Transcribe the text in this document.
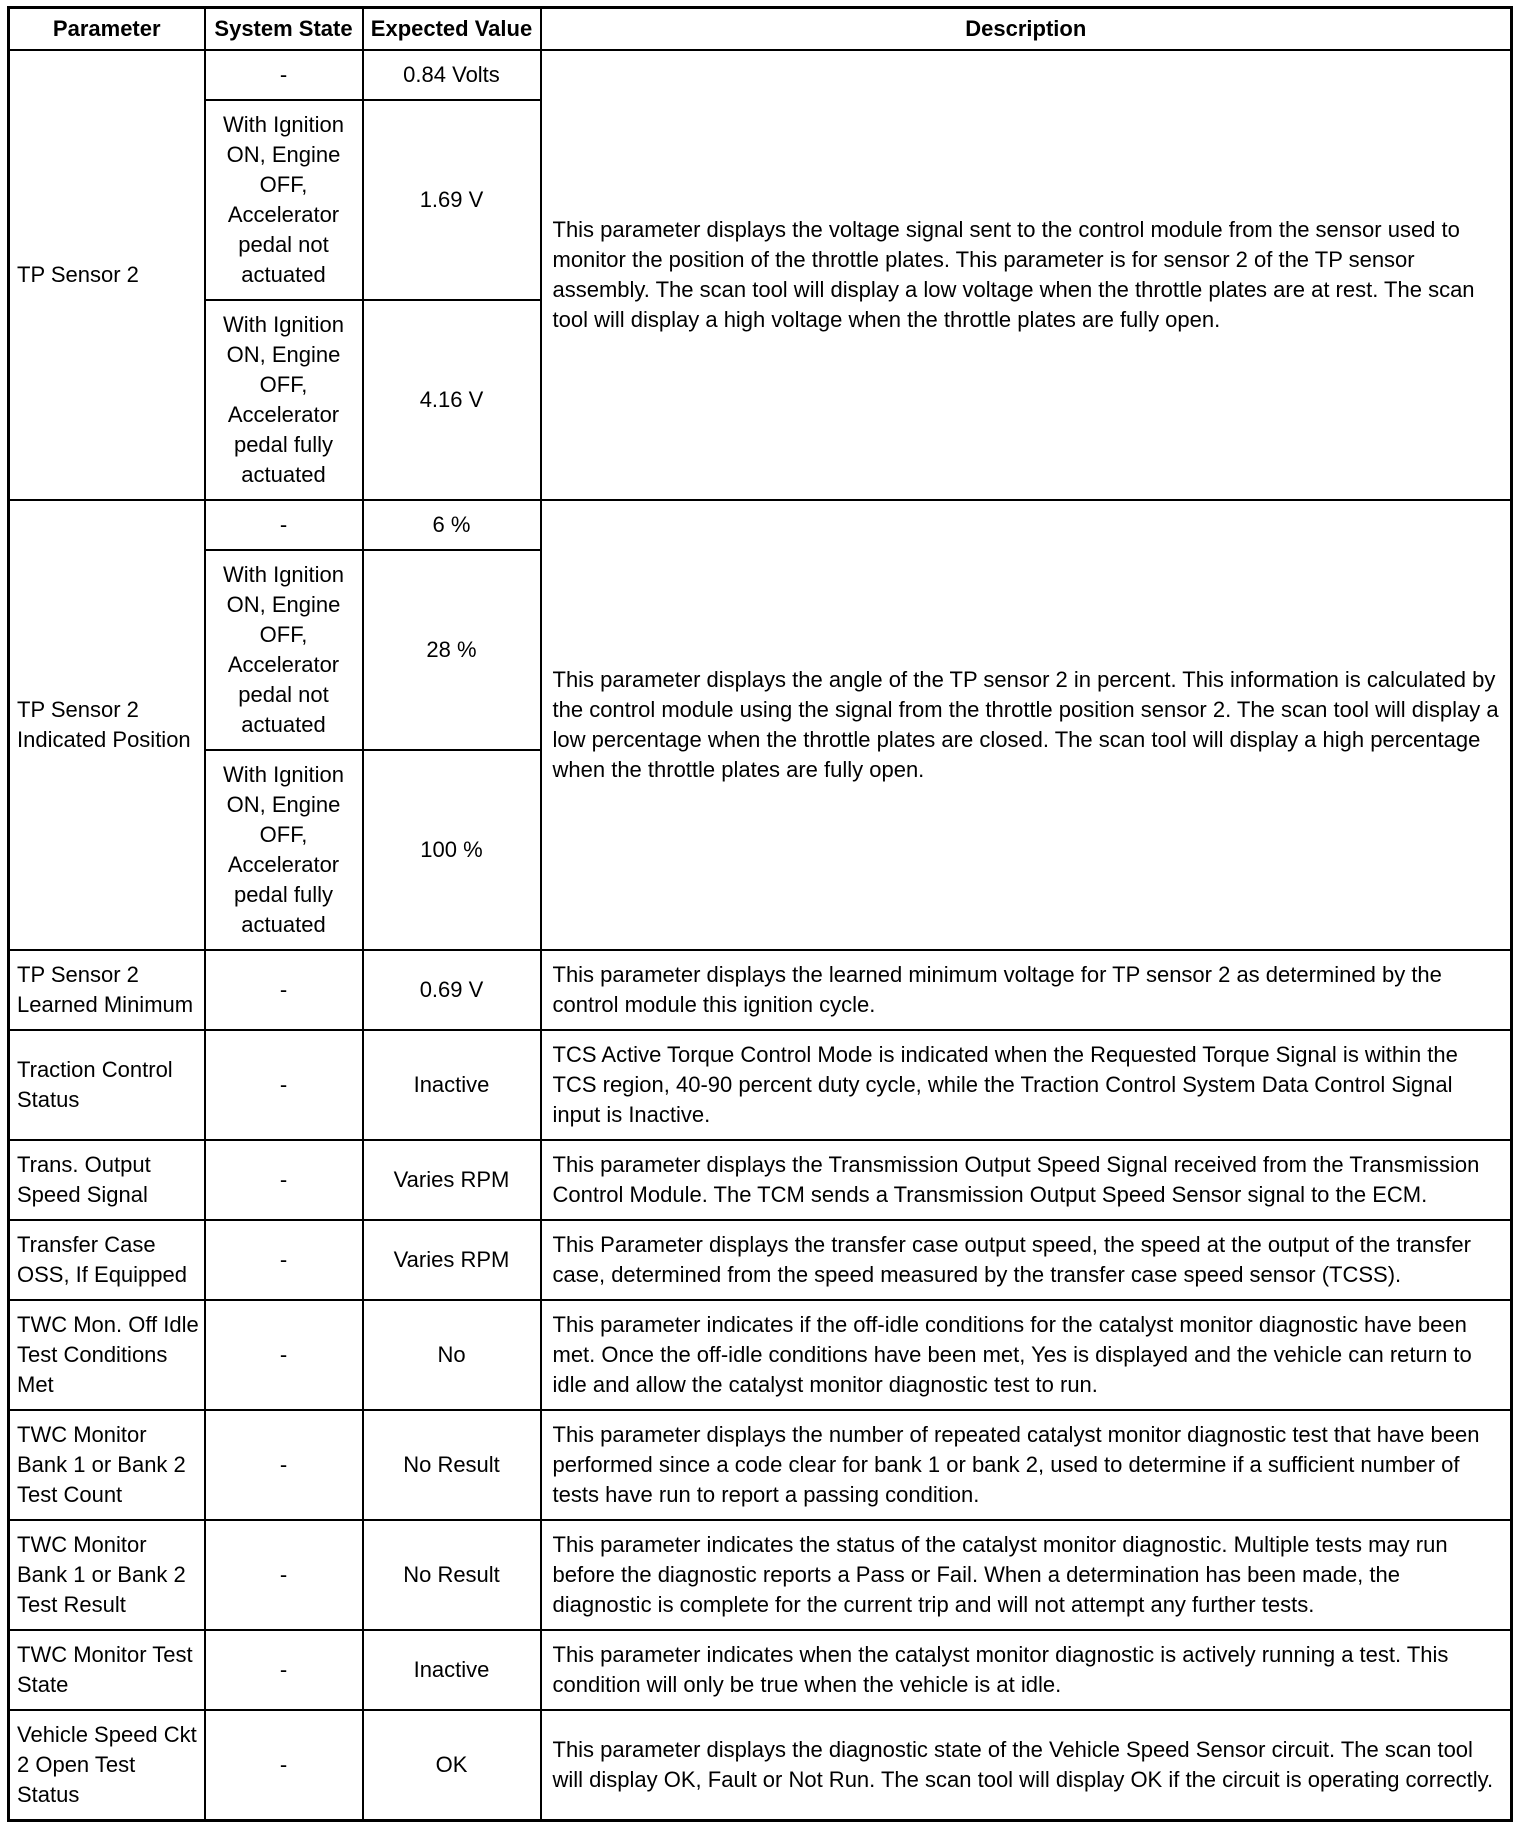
Parameter	System State	Expected Value	Description
TP Sensor 2	-	0.84 Volts	This parameter displays the voltage signal sent to the control module from the sensor used to monitor the position of the throttle plates. This parameter is for sensor 2 of the TP sensor assembly. The scan tool will display a low voltage when the throttle plates are at rest. The scan tool will display a high voltage when the throttle plates are fully open.
	With Ignition ON, Engine OFF, Accelerator pedal not actuated	1.69 V	
	With Ignition ON, Engine OFF, Accelerator pedal fully actuated	4.16 V	
TP Sensor 2 Indicated Position	-	6 %	This parameter displays the angle of the TP sensor 2 in percent. This information is calculated by the control module using the signal from the throttle position sensor 2. The scan tool will display a low percentage when the throttle plates are closed. The scan tool will display a high percentage when the throttle plates are fully open.
	With Ignition ON, Engine OFF, Accelerator pedal not actuated	28 %	
	With Ignition ON, Engine OFF, Accelerator pedal fully actuated	100 %	
TP Sensor 2 Learned Minimum	-	0.69 V	This parameter displays the learned minimum voltage for TP sensor 2 as determined by the control module this ignition cycle.
Traction Control Status	-	Inactive	TCS Active Torque Control Mode is indicated when the Requested Torque Signal is within the TCS region, 40-90 percent duty cycle, while the Traction Control System Data Control Signal input is Inactive.
Trans. Output Speed Signal	-	Varies RPM	This parameter displays the Transmission Output Speed Signal received from the Transmission Control Module. The TCM sends a Transmission Output Speed Sensor signal to the ECM.
Transfer Case OSS, If Equipped	-	Varies RPM	This Parameter displays the transfer case output speed, the speed at the output of the transfer case, determined from the speed measured by the transfer case speed sensor (TCSS).
TWC Mon. Off Idle Test Conditions Met	-	No	This parameter indicates if the off-idle conditions for the catalyst monitor diagnostic have been met. Once the off-idle conditions have been met, Yes is displayed and the vehicle can return to idle and allow the catalyst monitor diagnostic test to run.
TWC Monitor Bank 1 or Bank 2 Test Count	-	No Result	This parameter displays the number of repeated catalyst monitor diagnostic test that have been performed since a code clear for bank 1 or bank 2, used to determine if a sufficient number of tests have run to report a passing condition.
TWC Monitor Bank 1 or Bank 2 Test Result	-	No Result	This parameter indicates the status of the catalyst monitor diagnostic. Multiple tests may run before the diagnostic reports a Pass or Fail. When a determination has been made, the diagnostic is complete for the current trip and will not attempt any further tests.
TWC Monitor Test State	-	Inactive	This parameter indicates when the catalyst monitor diagnostic is actively running a test. This condition will only be true when the vehicle is at idle.
Vehicle Speed Ckt 2 Open Test Status	-	OK	This parameter displays the diagnostic state of the Vehicle Speed Sensor circuit. The scan tool will display OK, Fault or Not Run. The scan tool will display OK if the circuit is operating correctly.
